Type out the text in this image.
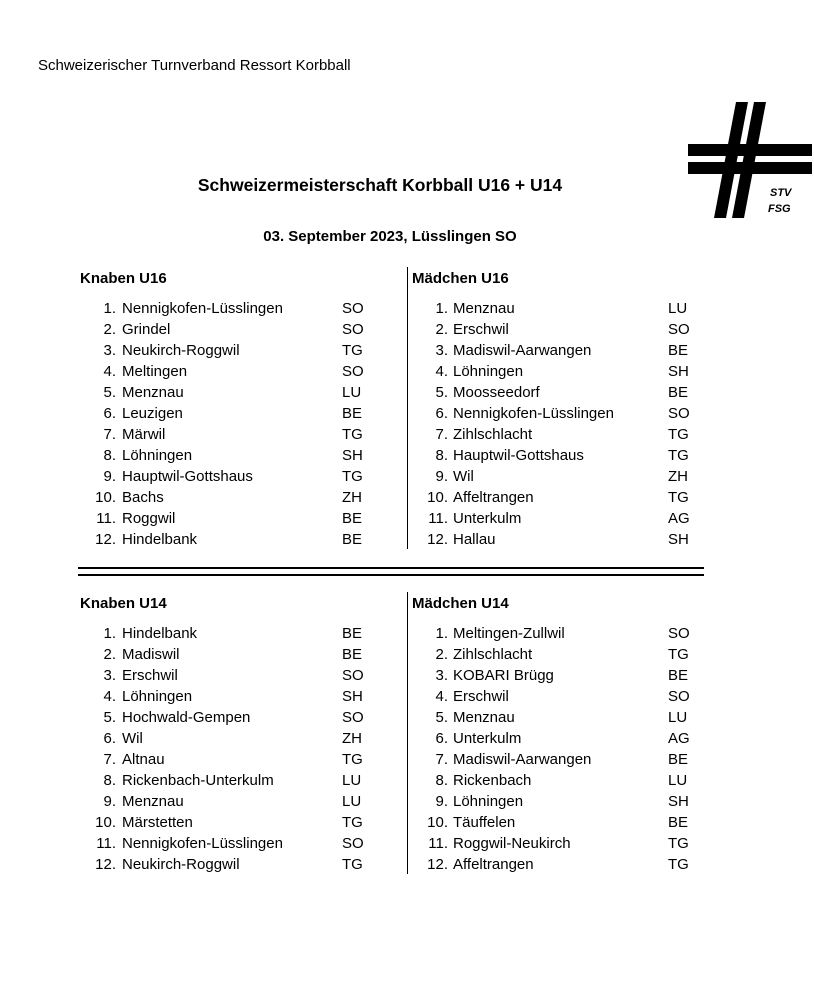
Schweizerischer Turnverband Ressort Korbball
STV
FSG
Schweizermeisterschaft Korbball U16 + U14
03. September 2023, Lüsslingen SO
Knaben U16
1. Nennigkofen-Lüsslingen	SO
2. Grindel	SO
3. Neukirch-Roggwil	TG
4. Meltingen	SO
5. Menznau	LU
6. Leuzigen	BE
7. Märwil	TG
8. Löhningen	SH
9. Hauptwil-Gottshaus	TG
10. Bachs	ZH
11. Roggwil	BE
12. Hindelbank	BE
Mädchen U16
1. Menznau	LU
2. Erschwil	SO
3. Madiswil-Aarwangen	BE
4. Löhningen	SH
5. Moosseedorf	BE
6. Nennigkofen-Lüsslingen	SO
7. Zihlschlacht	TG
8. Hauptwil-Gottshaus	TG
9. Wil	ZH
10. Affeltrangen	TG
11. Unterkulm	AG
12. Hallau	SH
Knaben U14
1. Hindelbank	BE
2. Madiswil	BE
3. Erschwil	SO
4. Löhningen	SH
5. Hochwald-Gempen	SO
6. Wil	ZH
7. Altnau	TG
8. Rickenbach-Unterkulm	LU
9. Menznau	LU
10. Märstetten	TG
11. Nennigkofen-Lüsslingen	SO
12. Neukirch-Roggwil	TG
Mädchen U14
1. Meltingen-Zullwil	SO
2. Zihlschlacht	TG
3. KOBARI Brügg	BE
4. Erschwil	SO
5. Menznau	LU
6. Unterkulm	AG
7. Madiswil-Aarwangen	BE
8. Rickenbach	LU
9. Löhningen	SH
10. Täuffelen	BE
11. Roggwil-Neukirch	TG
12. Affeltrangen	TG
